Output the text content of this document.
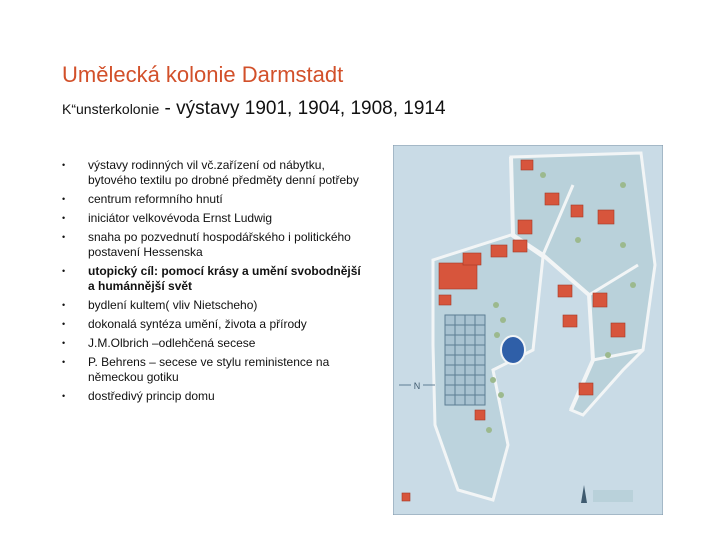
Umělecká kolonie Darmstadt
K“unsterkolonie - výstavy 1901, 1904, 1908, 1914
• výstavy rodinných vil vč.zařízení od nábytku, bytového textilu po drobné předměty denní potřeby
• centrum reformního hnutí
• iniciátor velkovévoda Ernst Ludwig
• snaha po pozvednutí hospodářského i politického postavení Hessenska
• utopický cíl: pomocí krásy a umění svobodnější a humánnější svět
• bydlení kultem( vliv Nietscheho)
• dokonalá syntéza umění, života a přírody
• J.M.Olbrich –odlehčená secese
• P. Behrens – secese ve stylu reministence na německou gotiku
• dostředivý princip domu
N
